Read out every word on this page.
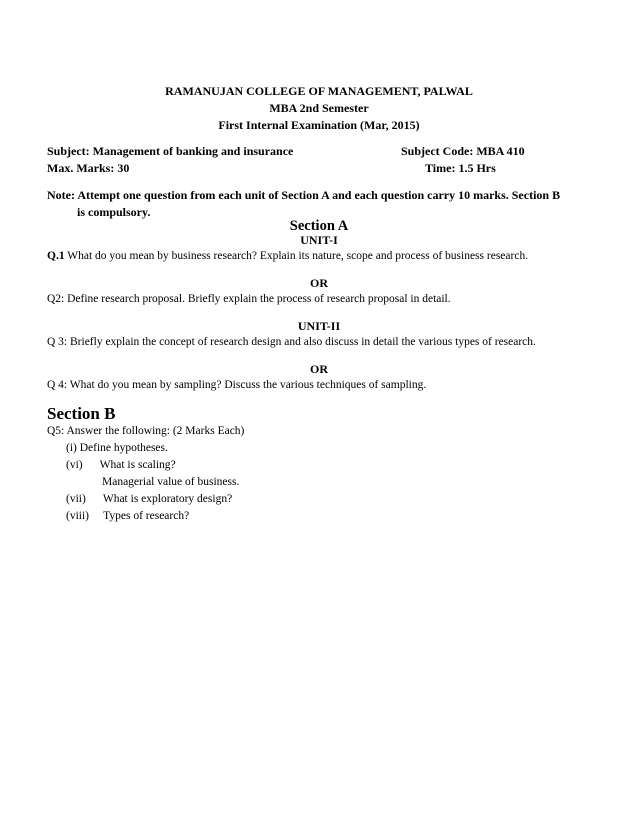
RAMANUJAN COLLEGE OF MANAGEMENT, PALWAL
MBA 2nd Semester
First Internal Examination (Mar, 2015)
Subject: Management of banking and insurance	Subject Code: MBA 410
Max. Marks: 30	Time: 1.5 Hrs
Note: Attempt one question from each unit of Section A and each question carry 10 marks. Section B
is compulsory.
Section A
UNIT-I
Q.1 What do you mean by business research? Explain its nature, scope and process of business research.
OR
Q2: Define research proposal. Briefly explain the process of research proposal in detail.
UNIT-II
Q 3: Briefly explain the concept of research design and also discuss in detail the various types of research.
OR
Q 4: What do you mean by sampling? Discuss the various techniques of sampling.
Section B
Q5: Answer the following: (2 Marks Each)
(i) Define hypotheses.
(vi)      What is scaling?
Managerial value of business.
(vii)      What is exploratory design?
(viii)     Types of research?
